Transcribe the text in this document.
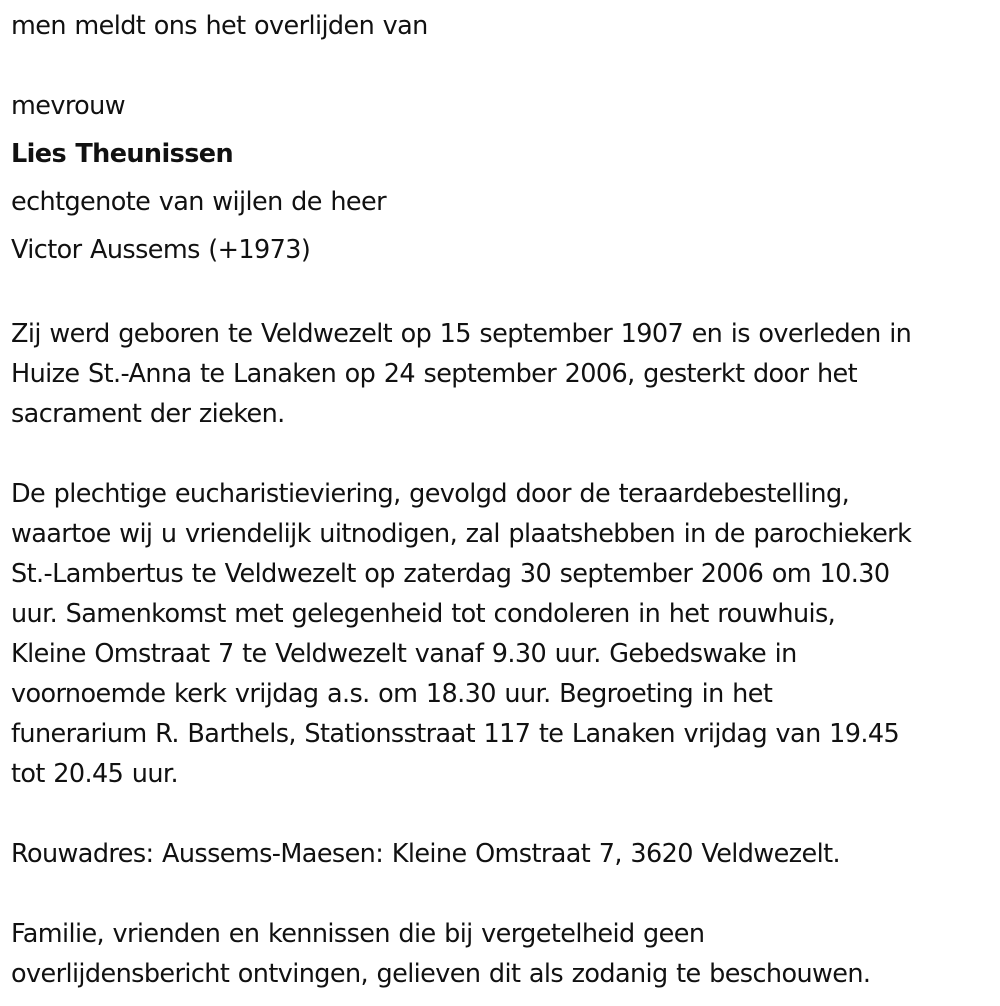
men meldt ons het overlijden van
mevrouw
Lies Theunissen
echtgenote van wijlen de heer
Victor Aussems (+1973)
Zij werd geboren te Veldwezelt op 15 september 1907 en is overleden in
Huize St.-Anna te Lanaken op 24 september 2006, gesterkt door het
sacrament der zieken.
De plechtige eucharistieviering, gevolgd door de teraardebestelling,
waartoe wij u vriendelijk uitnodigen, zal plaatshebben in de parochiekerk
St.-Lambertus te Veldwezelt op zaterdag 30 september 2006 om 10.30
uur. Samenkomst met gelegenheid tot condoleren in het rouwhuis,
Kleine Omstraat 7 te Veldwezelt vanaf 9.30 uur. Gebedswake in
voornoemde kerk vrijdag a.s. om 18.30 uur. Begroeting in het
funerarium R. Barthels, Stationsstraat 117 te Lanaken vrijdag van 19.45
tot 20.45 uur.
Rouwadres: Aussems-Maesen: Kleine Omstraat 7, 3620 Veldwezelt.
Familie, vrienden en kennissen die bij vergetelheid geen
overlijdensbericht ontvingen, gelieven dit als zodanig te beschouwen.
